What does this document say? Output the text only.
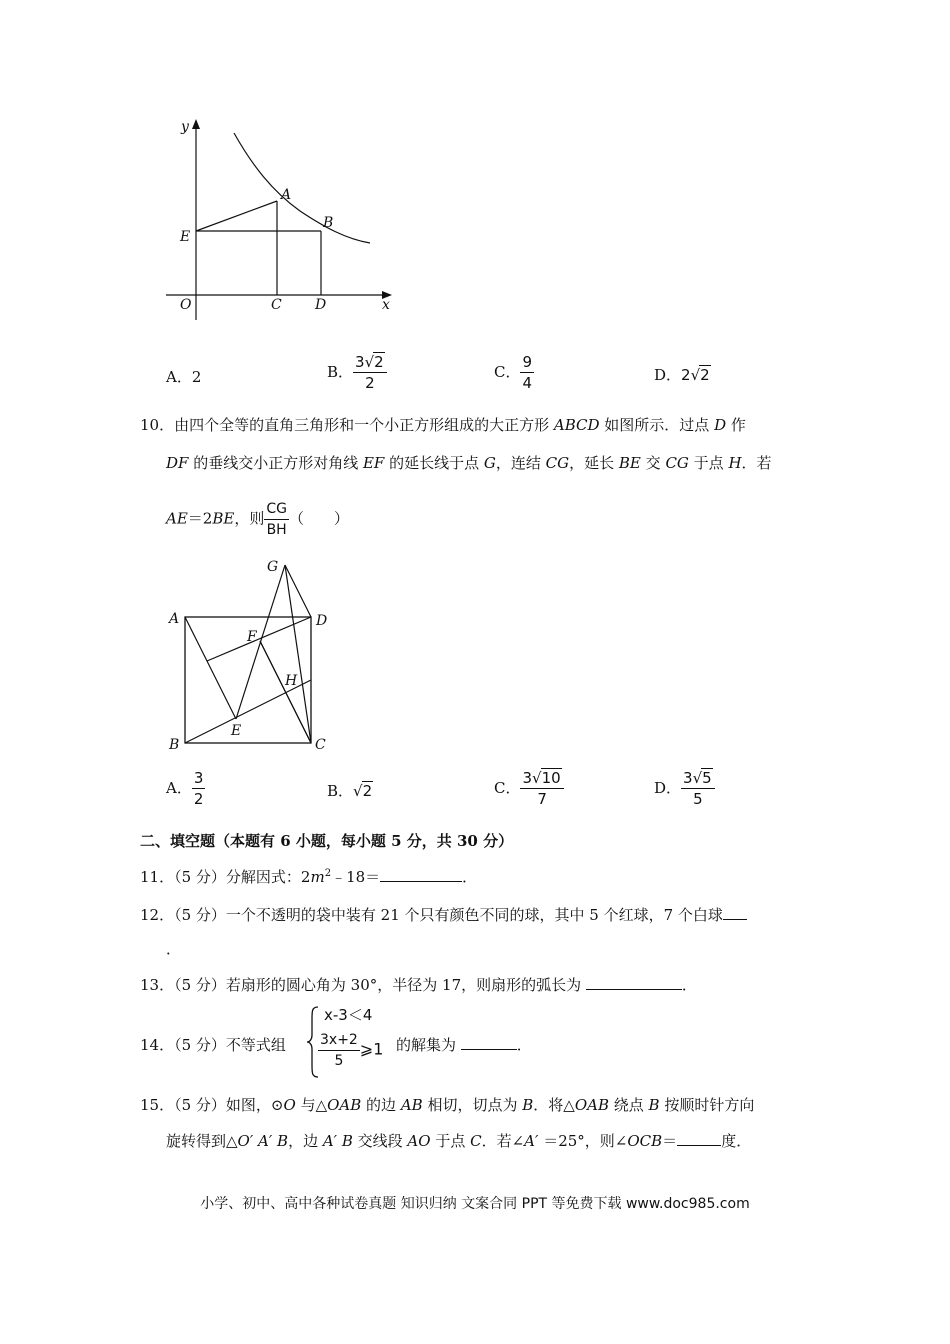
y
x
O
E
A
B
C D
A．2	B． $\frac{3√2}{2}$	C． $\frac{9}{4}$	D．2√2
10．由四个全等的直角三角形和一个小正方形组成的大正方形 ABCD 如图所示．过点 D 作
DF 的垂线交小正方形对角线 EF 的延长线于点 G，连结 CG，延长 BE 交 CG 于点 H．若
AE＝2BE，则 $\frac{CG}{BH}$ （　　）
G
A	D
F
H
E
B	C
A． $\frac{3}{2}$	B．√2	C． $\frac{3√10}{7}$	D． $\frac{3√5}{5}$
二、填空题（本题有 6 小题，每小题 5 分，共 30 分）
11．（5 分）分解因式：$2m^2﹣18=$	．
12．（5 分）一个不透明的袋中装有 21 个只有颜色不同的球，其中 5 个红球，7 个白球
．
13．（5 分）若扇形的圆心角为 30°，半径为 17，则扇形的弧长为	．
14．（5 分）不等式组
x-3＜4
$\frac{3x+2}{5}$ ⩾1 的解集为	．
15．（5 分）如图，⊙O 与△OAB 的边 AB 相切，切点为 B．将△OAB 绕点 B 按顺时针方向
旋转得到△O′ A′ B，边 A′ B 交线段 AO 于点 C．若∠A′ ＝25°，则∠OCB＝	度．
小学、初中、高中各种试卷真题 知识归纳 文案合同 PPT 等免费下载 www.doc985.com
